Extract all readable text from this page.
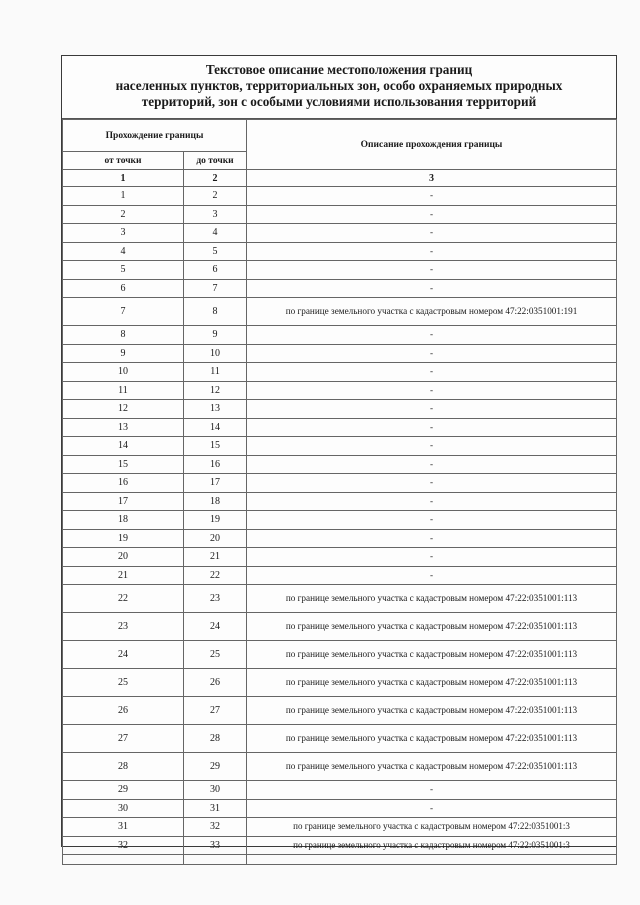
Текстовое описание местоположения границ
населенных пунктов, территориальных зон, особо охраняемых природных
территорий, зон с особыми условиями использования территорий
Прохождение границы		Описание прохождения границы
от точки	до точки	
1	2	3
1	2	-
2	3	-
3	4	-
4	5	-
5	6	-
6	7	-
7	8	по границе земельного участка с кадастровым номером 47:22:0351001:191
8	9	-
9	10	-
10	11	-
11	12	-
12	13	-
13	14	-
14	15	-
15	16	-
16	17	-
17	18	-
18	19	-
19	20	-
20	21	-
21	22	-
22	23	по границе земельного участка с кадастровым номером 47:22:0351001:113
23	24	по границе земельного участка с кадастровым номером 47:22:0351001:113
24	25	по границе земельного участка с кадастровым номером 47:22:0351001:113
25	26	по границе земельного участка с кадастровым номером 47:22:0351001:113
26	27	по границе земельного участка с кадастровым номером 47:22:0351001:113
27	28	по границе земельного участка с кадастровым номером 47:22:0351001:113
28	29	по границе земельного участка с кадастровым номером 47:22:0351001:113
29	30	-
30	31	-
31	32	по границе земельного участка с кадастровым номером 47:22:0351001:3
32	33	по границе земельного участка с кадастровым номером 47:22:0351001:3
